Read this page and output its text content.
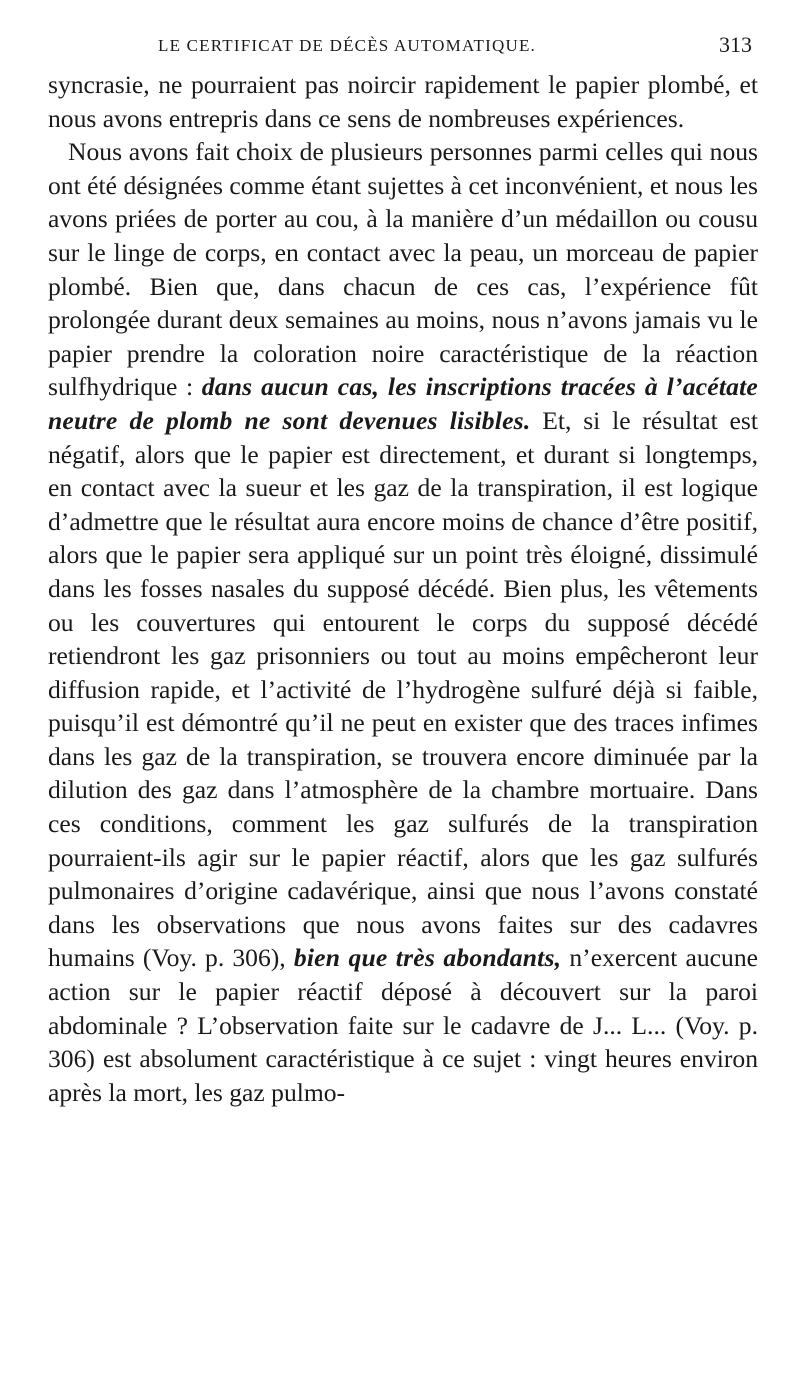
LE CERTIFICAT DE DÉCÈS AUTOMATIQUE.	313

syncrasie, ne pourraient pas noircir rapidement le papier plombé, et nous avons entrepris dans ce sens de nombreuses expériences.

Nous avons fait choix de plusieurs personnes parmi celles qui nous ont été désignées comme étant sujettes à cet inconvénient, et nous les avons priées de porter au cou, à la manière d’un médaillon ou cousu sur le linge de corps, en contact avec la peau, un morceau de papier plombé. Bien que, dans chacun de ces cas, l’expérience fût prolongée durant deux semaines au moins, nous n’avons jamais vu le papier prendre la coloration noire caractéristique de la réaction sulfhydrique : dans aucun cas, les inscriptions tracées à l’acétate neutre de plomb ne sont devenues lisibles. Et, si le résultat est négatif, alors que le papier est directement, et durant si longtemps, en contact avec la sueur et les gaz de la transpiration, il est logique d’admettre que le résultat aura encore moins de chance d’être positif, alors que le papier sera appliqué sur un point très éloigné, dissimulé dans les fosses nasales du supposé décédé. Bien plus, les vêtements ou les couvertures qui entourent le corps du supposé décédé retiendront les gaz prisonniers ou tout au moins empêcheront leur diffusion rapide, et l’activité de l’hydrogène sulfuré déjà si faible, puisqu’il est démontré qu’il ne peut en exister que des traces infimes dans les gaz de la transpiration, se trouvera encore diminuée par la dilution des gaz dans l’atmosphère de la chambre mortuaire. Dans ces conditions, comment les gaz sulfurés de la transpiration pourraient-ils agir sur le papier réactif, alors que les gaz sulfurés pulmonaires d’origine cadavérique, ainsi que nous l’avons constaté dans les observations que nous avons faites sur des cadavres humains (Voy. p. 306), bien que très abondants, n’exercent aucune action sur le papier réactif déposé à découvert sur la paroi abdominale ? L’observation faite sur le cadavre de J... L... (Voy. p. 306) est absolument caractéristique à ce sujet : vingt heures environ après la mort, les gaz pulmo-
